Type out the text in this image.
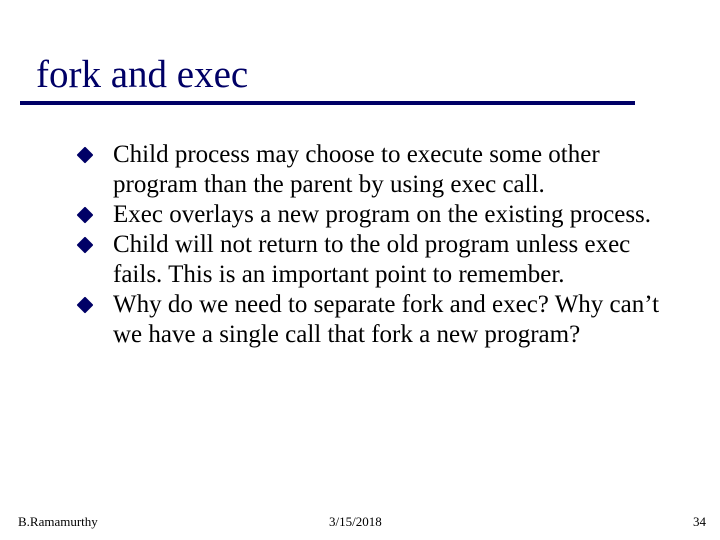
fork and exec
Child process may choose to execute some other program than the parent by using exec call.
Exec overlays a new program on the existing process.
Child will not return to the old program unless exec fails. This is an important point to remember.
Why do we need to separate fork and exec? Why can’t we have a single call that fork a new program?
B.Ramamurthy	3/15/2018	34
